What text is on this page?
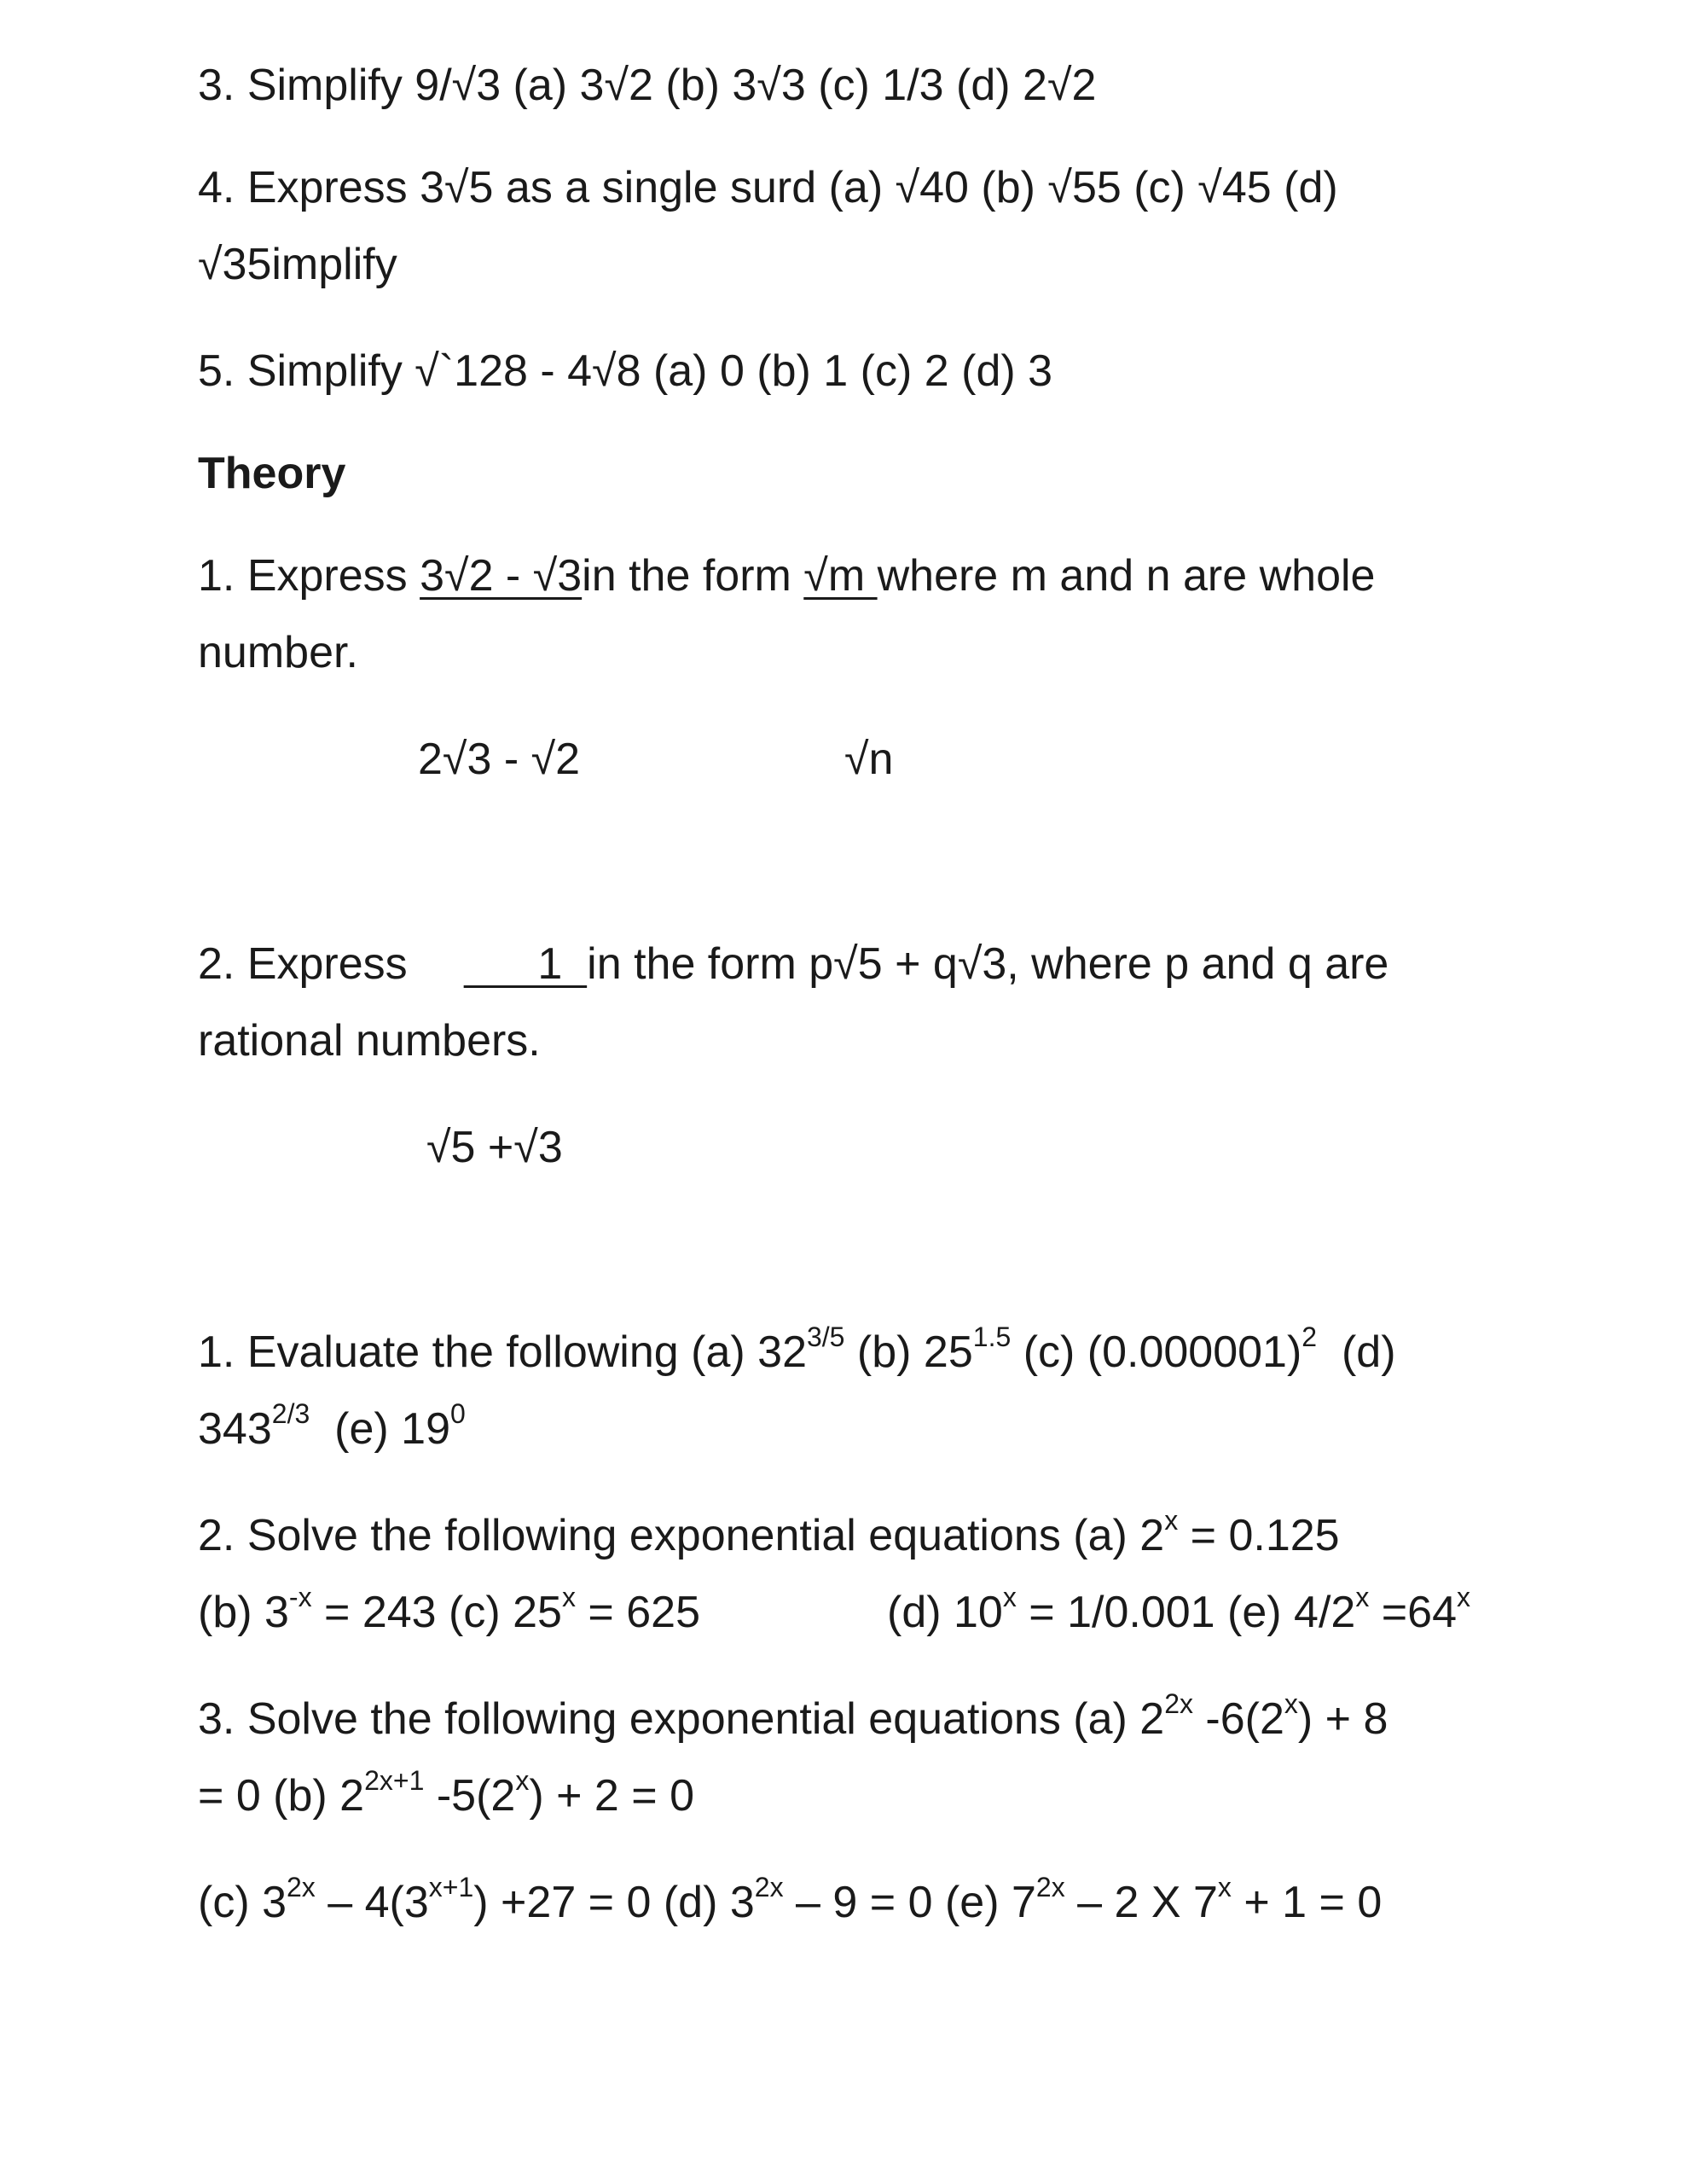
3. Simplify 9/√3 (a) 3√2 (b) 3√3 (c) 1/3 (d) 2√2
4. Express 3√5 as a single surd (a) √40 (b) √55 (c) √45 (d)
√35implify
5. Simplify √`128 - 4√8 (a) 0 (b) 1 (c) 2 (d) 3
Theory
1. Express 3√2 - √3in the form √m where m and n are whole
number.
2√3 - √2	√n
2. Express      1  in the form p√5 + q√3, where p and q are
rational numbers.
√5 +√3
1. Evaluate the following (a) $32^{3/5}$ (b) $25^{1.5}$ (c) $(0.000001)^2$  (d)
$343^{2/3}$  (e) $19^0$
2. Solve the following exponential equations (a) $2^x = 0.125$
(b) $3^{-x} = 243$ (c) $25^x = 625$	(d) $10^x = 1/0.001$ (e) $4/2^x =64^x$
3. Solve the following exponential equations (a) $2^{2x}$ $-6(2^x) + 8$
= 0 (b) $2^{2x+1}$ $-5(2^x) + 2 = 0$
(c) $3^{2x} - 4(3^{x+1}) +27 = 0$ (d) $3^{2x} - 9 = 0$ (e) $7^{2x} - 2$ X $7^x + 1 = 0$
